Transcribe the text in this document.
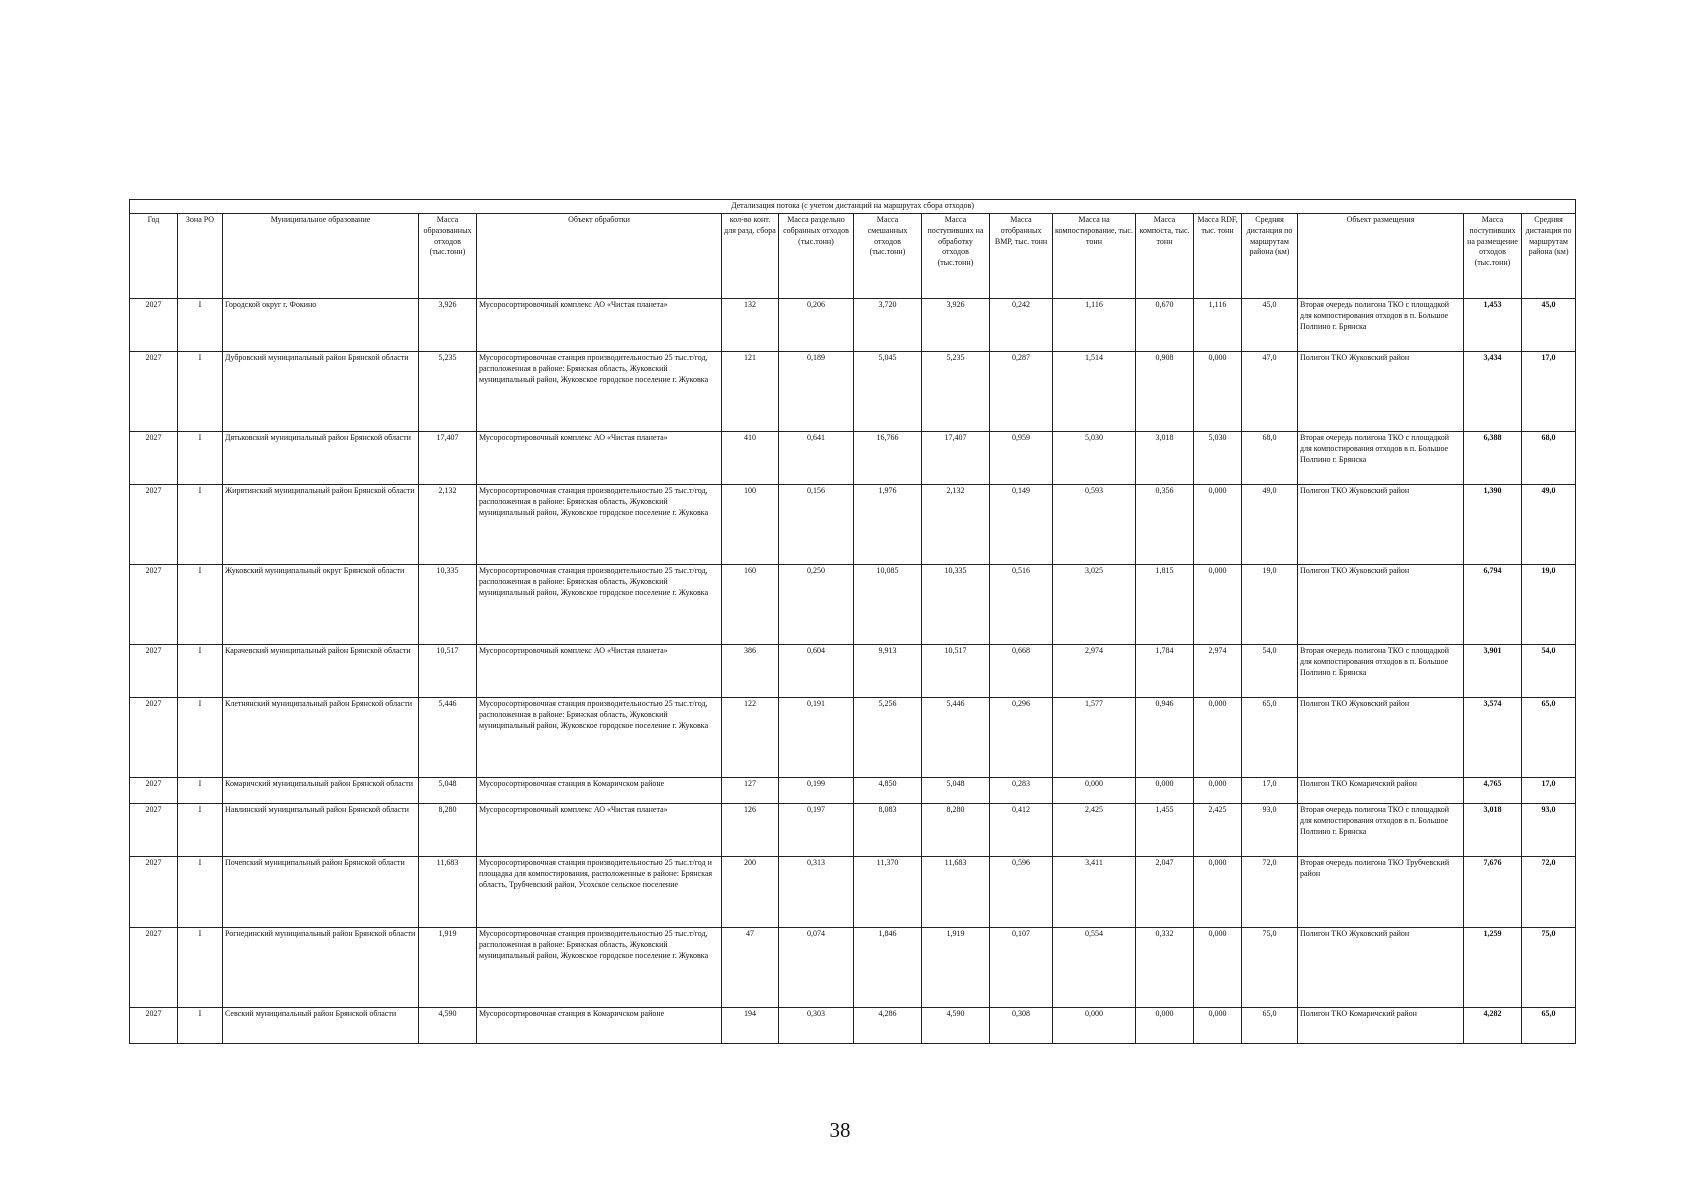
Детализация потока (с учетом дистанций на маршрутах сбора отходов)																
Год	Зона РО	Муниципальное образование	Масса образованных отходов (тыс.тонн)	Объект обработки	кол-во конт. для разд. сбора	Масса раздельно собранных отходов (тыс.тонн)	Масса смешанных отходов (тыс.тонн)	Масса поступивших на обработку отходов (тыс.тонн)	Масса отобранных ВМР, тыс. тонн	Масса на компостирование, тыс. тонн	Масса компоста, тыс. тонн	Масса RDF, тыс. тонн	Средняя дистанция по маршрутам района (км)	Объект размещения	Масса поступивших на размещение отходов (тыс.тонн)	Средняя дистанция по маршрутам района (км)
2027	I	Городской округ г. Фокино	3,926	Мусоросортировочный комплекс АО «Чистая планета»	132	0,206	3,720	3,926	0,242	1,116	0,670	1,116	45,0	Вторая очередь полигона ТКО с площадкой для компостирования отходов в п. Большое Полпино г. Брянска	1,453	45,0
2027	I	Дубровский муниципальный район Брянской области	5,235	Мусоросортировочная станция производительностью 25 тыс.т/год, расположенная в районе: Брянская область, Жуковский муниципальный район, Жуковское городское поселение г. Жуковка	121	0,189	5,045	5,235	0,287	1,514	0,908	0,000	47,0	Полигон ТКО Жуковский район	3,434	17,0
2027	I	Дятьковский муниципальный район Брянской области	17,407	Мусоросортировочный комплекс АО «Чистая планета»	410	0,641	16,766	17,407	0,959	5,030	3,018	5,030	68,0	Вторая очередь полигона ТКО с площадкой для компостирования отходов в п. Большое Полпино г. Брянска	6,388	68,0
2027	I	Жирятинский муниципальный район Брянской области	2,132	Мусоросортировочная станция производительностью 25 тыс.т/год, расположенная в районе: Брянская область, Жуковский муниципальный район, Жуковское городское поселение г. Жуковка	100	0,156	1,976	2,132	0,149	0,593	0,356	0,000	49,0	Полигон ТКО Жуковский район	1,390	49,0
2027	I	Жуковский муниципальный округ Брянской области	10,335	Мусоросортировочная станция производительностью 25 тыс.т/год, расположенная в районе: Брянская область, Жуковский муниципальный район, Жуковское городское поселение г. Жуковка	160	0,250	10,085	10,335	0,516	3,025	1,815	0,000	19,0	Полигон ТКО Жуковский район	6,794	19,0
2027	I	Карачевский муниципальный район Брянской области	10,517	Мусоросортировочный комплекс АО «Чистая планета»	386	0,604	9,913	10,517	0,668	2,974	1,784	2,974	54,0	Вторая очередь полигона ТКО с площадкой для компостирования отходов в п. Большое Полпино г. Брянска	3,901	54,0
2027	I	Клетнянский муниципальный район Брянской области	5,446	Мусоросортировочная станция производительностью 25 тыс.т/год, расположенная в районе: Брянская область, Жуковский муниципальный район, Жуковское городское поселение г. Жуковка	122	0,191	5,256	5,446	0,296	1,577	0,946	0,000	65,0	Полигон ТКО Жуковский район	3,574	65,0
2027	I	Комаричский муниципальный район Брянской области	5,048	Мусоросортировочная станция в Комаричском районе	127	0,199	4,850	5,048	0,283	0,000	0,000	0,000	17,0	Полигон ТКО Комаричский район	4,765	17,0
2027	I	Навлинский муниципальный район Брянской области	8,280	Мусоросортировочный комплекс АО «Чистая планета»	126	0,197	8,083	8,280	0,412	2,425	1,455	2,425	93,0	Вторая очередь полигона ТКО с площадкой для компостирования отходов в п. Большое Полпино г. Брянска	3,018	93,0
2027	I	Почепский муниципальный район Брянской области	11,683	Мусоросортировочная станция производительностью 25 тыс.т/год и площадка для компостирования, расположенные в районе: Брянская область, Трубчевский район, Усохское сельское поселение	200	0,313	11,370	11,683	0,596	3,411	2,047	0,000	72,0	Вторая очередь полигона ТКО Трубчевский район	7,676	72,0
2027	I	Рогнединский муниципальный район Брянской области	1,919	Мусоросортировочная станция производительностью 25 тыс.т/год, расположенная в районе: Брянская область, Жуковский муниципальный район, Жуковское городское поселение г. Жуковка	47	0,074	1,846	1,919	0,107	0,554	0,332	0,000	75,0	Полигон ТКО Жуковский район	1,259	75,0
2027	I	Севский муниципальный район Брянской области	4,590	Мусоросортировочная станция в Комаричском районе	194	0,303	4,286	4,590	0,308	0,000	0,000	0,000	65,0	Полигон ТКО Комаричский район	4,282	65,0
38
